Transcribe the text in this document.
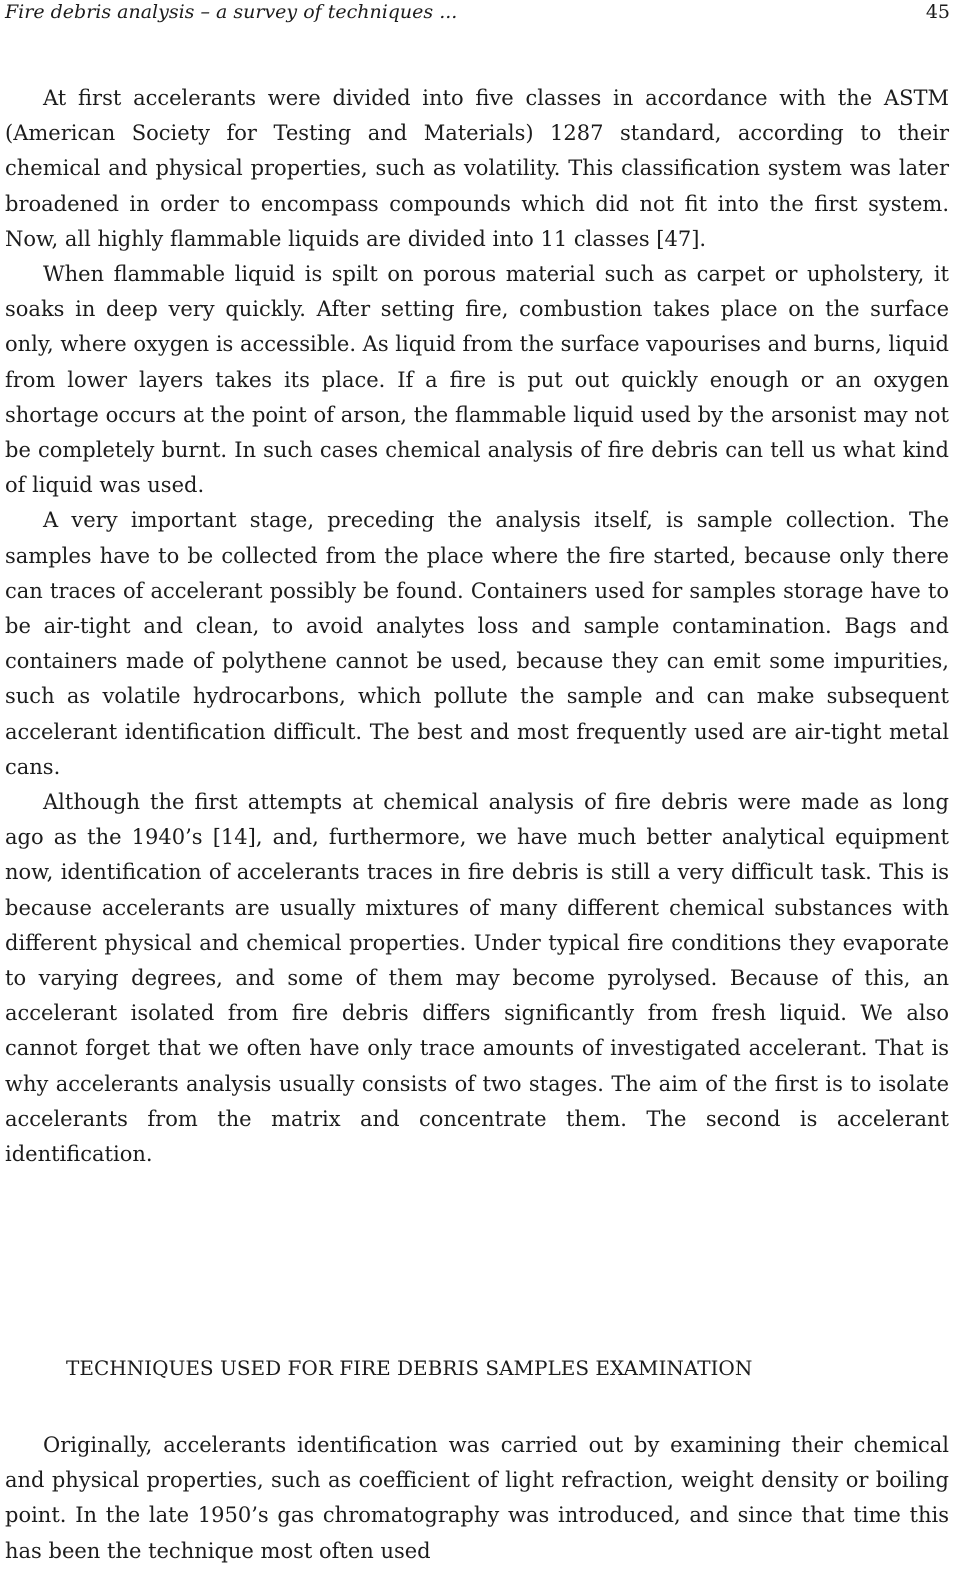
Fire debris analysis – a survey of techniques ...	45

At first accelerants were divided into five classes in accordance with the ASTM (American Society for Testing and Materials) 1287 standard, according to their chemical and physical properties, such as volatility. This classification system was later broadened in order to encompass compounds which did not fit into the first system. Now, all highly flammable liquids are divided into 11 classes [47].

When flammable liquid is spilt on porous material such as carpet or upholstery, it soaks in deep very quickly. After setting fire, combustion takes place on the surface only, where oxygen is accessible. As liquid from the surface vapourises and burns, liquid from lower layers takes its place. If a fire is put out quickly enough or an oxygen shortage occurs at the point of arson, the flammable liquid used by the arsonist may not be completely burnt. In such cases chemical analysis of fire debris can tell us what kind of liquid was used.

A very important stage, preceding the analysis itself, is sample collection. The samples have to be collected from the place where the fire started, because only there can traces of accelerant possibly be found. Containers used for samples storage have to be air-tight and clean, to avoid analytes loss and sample contamination. Bags and containers made of polythene cannot be used, because they can emit some impurities, such as volatile hydrocarbons, which pollute the sample and can make subsequent accelerant identification difficult. The best and most frequently used are air-tight metal cans.

Although the first attempts at chemical analysis of fire debris were made as long ago as the 1940’s [14], and, furthermore, we have much better analytical equipment now, identification of accelerants traces in fire debris is still a very difficult task. This is because accelerants are usually mixtures of many different chemical substances with different physical and chemical properties. Under typical fire conditions they evaporate to varying degrees, and some of them may become pyrolysed. Because of this, an accelerant isolated from fire debris differs significantly from fresh liquid. We also cannot forget that we often have only trace amounts of investigated accelerant. That is why accelerants analysis usually consists of two stages. The aim of the first is to isolate accelerants from the matrix and concentrate them. The second is accelerant identification.

TECHNIQUES USED FOR FIRE DEBRIS SAMPLES EXAMINATION

Originally, accelerants identification was carried out by examining their chemical and physical properties, such as coefficient of light refraction, weight density or boiling point. In the late 1950’s gas chromatography was introduced, and since that time this has been the technique most often used
